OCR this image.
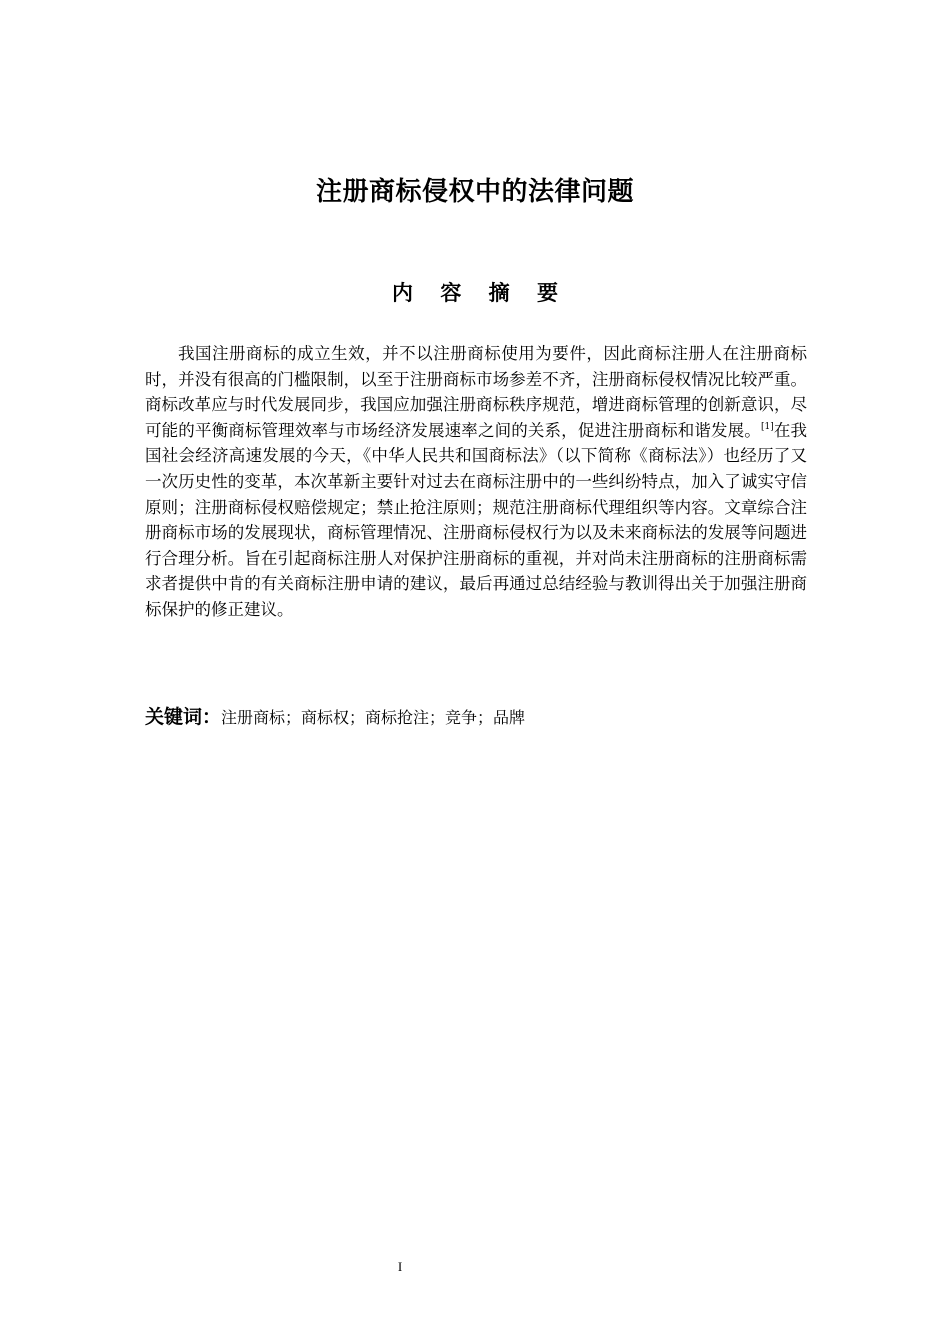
注册商标侵权中的法律问题
内 容 摘 要

我国注册商标的成立生效，并不以注册商标使用为要件，因此商标注册人在注册商标时，并没有很高的门槛限制，以至于注册商标市场参差不齐，注册商标侵权情况比较严重。商标改革应与时代发展同步，我国应加强注册商标秩序规范，增进商标管理的创新意识，尽可能的平衡商标管理效率与市场经济发展速率之间的关系，促进注册商标和谐发展。[1]在我国社会经济高速发展的今天，《中华人民共和国商标法》（以下简称《商标法》）也经历了又一次历史性的变革，本次革新主要针对过去在商标注册中的一些纠纷特点，加入了诚实守信原则；注册商标侵权赔偿规定；禁止抢注原则；规范注册商标代理组织等内容。文章综合注册商标市场的发展现状，商标管理情况、注册商标侵权行为以及未来商标法的发展等问题进行合理分析。旨在引起商标注册人对保护注册商标的重视，并对尚未注册商标的注册商标需求者提供中肯的有关商标注册申请的建议，最后再通过总结经验与教训得出关于加强注册商标保护的修正建议。

关键词：注册商标；商标权；商标抢注；竞争；品牌
I
